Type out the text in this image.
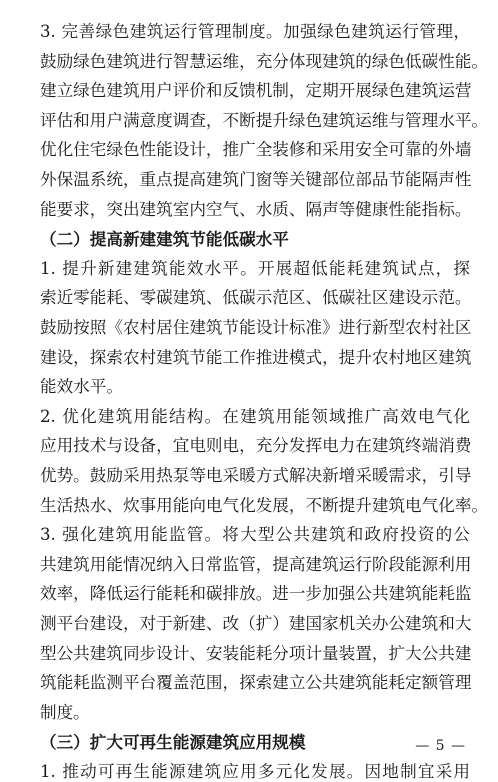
3. 完善绿色建筑运行管理制度。加强绿色建筑运行管理，
鼓励绿色建筑进行智慧运维，充分体现建筑的绿色低碳性能。
建立绿色建筑用户评价和反馈机制，定期开展绿色建筑运营
评估和用户满意度调查，不断提升绿色建筑运维与管理水平。
优化住宅绿色性能设计，推广全装修和采用安全可靠的外墙
外保温系统，重点提高建筑门窗等关键部位部品节能隔声性
能要求，突出建筑室内空气、水质、隔声等健康性能指标。
（二）提高新建建筑节能低碳水平
1. 提升新建建筑能效水平。开展超低能耗建筑试点，探
索近零能耗、零碳建筑、低碳示范区、低碳社区建设示范。
鼓励按照《农村居住建筑节能设计标准》进行新型农村社区
建设，探索农村建筑节能工作推进模式，提升农村地区建筑
能效水平。
2. 优化建筑用能结构。在建筑用能领域推广高效电气化
应用技术与设备，宜电则电，充分发挥电力在建筑终端消费
优势。鼓励采用热泵等电采暖方式解决新增采暖需求，引导
生活热水、炊事用能向电气化发展，不断提升建筑电气化率。
3. 强化建筑用能监管。将大型公共建筑和政府投资的公
共建筑用能情况纳入日常监管，提高建筑运行阶段能源利用
效率，降低运行能耗和碳排放。进一步加强公共建筑能耗监
测平台建设，对于新建、改（扩）建国家机关办公建筑和大
型公共建筑同步设计、安装能耗分项计量装置，扩大公共建
筑能耗监测平台覆盖范围，探索建立公共建筑能耗定额管理
制度。
（三）扩大可再生能源建筑应用规模
1. 推动可再生能源建筑应用多元化发展。因地制宜采用
— 5 —
